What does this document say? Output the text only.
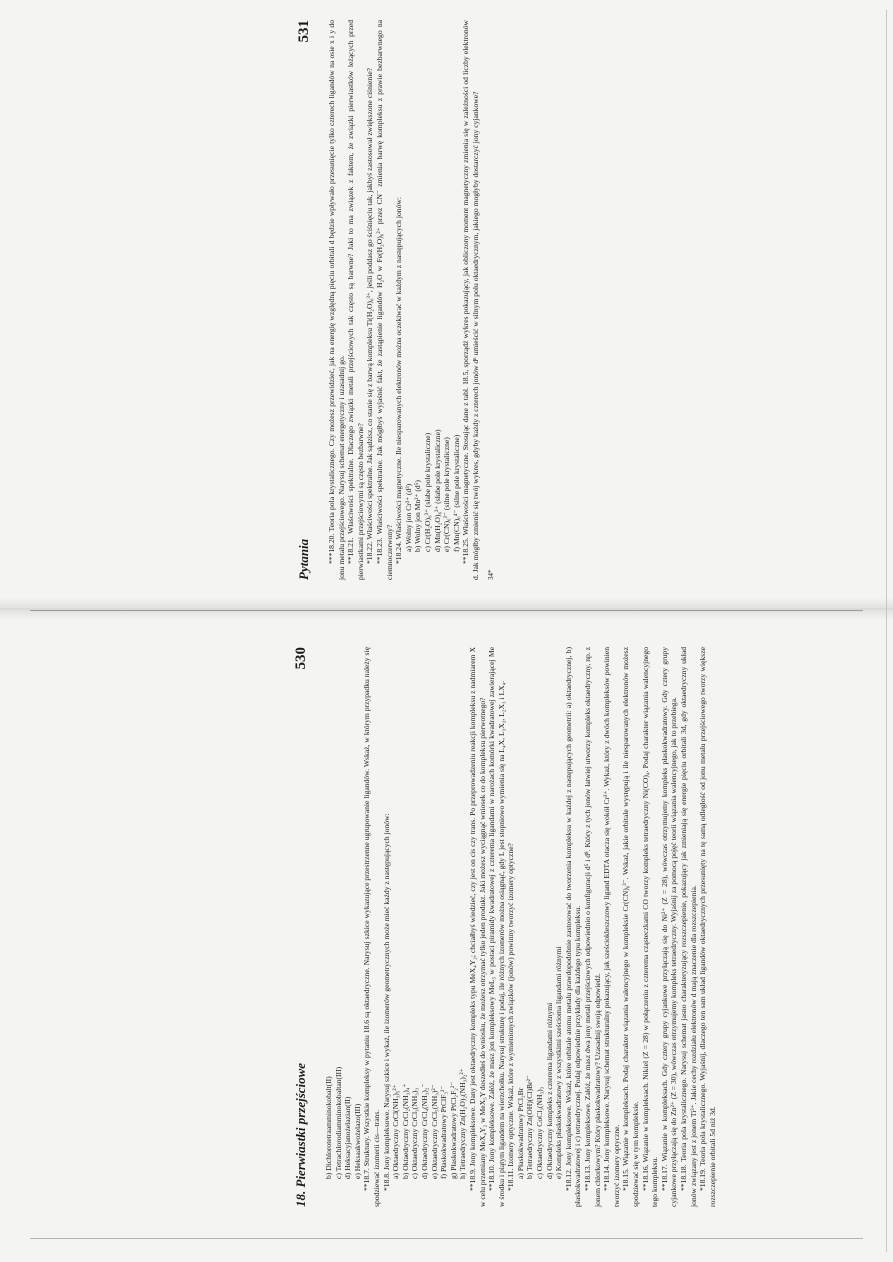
Pytania
531 ***18.20. Teoria pola krystalicznego. Czy możesz przewidzieć, jak na energię względną pięciu orbitali d będzie wpływało przesunięcie tylko czterech ligandów na osie x i y do jonu metalu przejściowego. Narysuj schemat energetyczny i uzasadnij go. **18.21. Właściwości spektralne. Dlaczego związki metali przejściowych tak często są barwne? Jaki to ma związek z faktem, że związki pierwiastków leżących przed pierwiastkami przejściowymi są często bezbarwne? *18.22. Właściwości spektralne. Jak sądzisz, co stanie się z barwą kompleksu Ti(H₂O)₆³⁺, jeśli poddasz go ściśnięciu tak, jakbyś zastosował zwiększone ciśnienie? **18.23. Właściwości spektralne. Jak mógłbyś wyjaśnić fakt, że zastąpienie ligandów H₂O w Fe(H₂O)₆²⁺ przez CN⁻ zmienia barwę kompleksu z prawie bezbarwnego na ciemnoczerwony? *18.24. Właściwości magnetyczne. Ile niesparowanych elektronów można oczekiwać w każdym z następujących jonów: a) Wolny jon Cr³⁺ (d³) b) Wolny jon Mn²⁺ (d⁵) c) Cr(H₂O)₆³⁺ (słabe pole krystaliczne) d) Mn(H₂O)₆²⁺ (słabe pole krystaliczne) e) Cr(CN)₆³⁻ (silne pole krystaliczne) f) Mn(CN)₆⁴⁻ (silne pole krystaliczne) **18.25. Właściwości magnetyczne. Stosując dane z tabl. 18.5, sporządź wykres pokazujący, jak obliczony moment magnetyczny zmienia się w zależności od liczby elektronów d. Jak mógłby zmienić się twój wykres, gdyby każdy z czterech jonów dⁿ umieścić w silnym polu oktaedrycznym, jakiego mogłyby dostarczyć jony cyjankowe? 34*
18. Pierwiastki przejściowe
530
b) Dichlorotetraamminokobalt(II) c) Tetrachlorodiamminokobaltan(III) d) Heksacyjanożelazian(II) e) Heksaakwożelazo(III) **18.7. Struktury. Wszystkie kompleksy w pytaniu 18.6 są oktaedryczne. Narysuj szkice wykazujące przestrzenne ugrupowanie ligandów. Wskaż, w którym przypadku należy się spodziewać izomerii cis—trans. *18.8. Jony kompleksowe. Narysuj szkice i wykaż, ile izomerów geometrycznych może mieć każdy z następujących jonów: a) Oktaedryczny CrCl(NH₃)₅²⁺ b) Oktaedryczny CrCl₂(NH₃)₄⁺ c) Oktaedryczny CrCl₃(NH₃)₃ d) Oktaedryczny CrCl₄(NH₃)₂⁻ e) Oktaedryczny CrCl₅(NH₃)²⁻ f) Płaskokwadratowy PtClF₃²⁻ g) Płaskokwadratowy PtCl₂F₂²⁻ h) Tetraedryczny Zn(H₂O)₂(NH₃)₂²⁺ **18.9. Jony kompleksowe. Dany jest oktaedryczny kompleks typu MeX₄Y₂; chciałbyś wiedzieć, czy jest on cis czy trans. Po przeprowadzeniu reakcji kompleksu z nadmiarem X w celu przemiany MeX₄Y₂ w MeX₅Y doszedłeś do wniosku, że możesz otrzymać tylko jeden produkt. Jaki możesz wyciągnąć wniosek co do kompleksu pierwotnego? **18.10. Jony kompleksowe. Załóż, że masz jon kompleksowy MeL₅ w postaci piramidy kwadratowej z czterema ligandami w narożach komórki kwadratowej zawierającej Me w środku i piątym ligandem na wierzchołku. Narysuj strukturę i podaj, ile różnych izomerów można osiągnąć, gdy L jest stopniowo wymienia się na L₄X, L₃X₂, L₂X₃ i LX₄. *18.11. Izomery optyczne. Wskaż, które z wymienionych związków (jonów) powinny tworzyć izomery optyczne? a) Płaskokwadratowy PtCl₂Br b) Tetraedryczny Zn(OH)(Cl)Br²⁻ c) Oktaedryczny CoCl₃(NH₃)₃ d) Oktaedryczny kompleks z czterema ligandami różnymi e) Kompleks płaskokwadratowy z wszystkimi sześcioma ligandami różnymi *18.12. Jony kompleksowe. Wskaż, które orbitale atomu metalu prawdopodobnie zastosować do tworzenia kompleksu w każdej z następujących geometrii: a) oktaedrycznej, b) płaskokwadratowej i c) tetraedrycznej. Podaj odpowiednie przykłady dla każdego typu kompleksu. **18.13. Jony kompleksowe. Załóż, że masz dwa jony metali przejściowych odpowiednio o konfiguracji d⁵ i d⁸. Który z tych jonów łatwiej utworzy kompleks oktaedryczny, np. z jonem chlorkowym? Który płaskokwadratowy? Uzasadnij swoją odpowiedź. **18.14. Jony kompleksowe. Narysuj schemat strukturalny pokazujący, jak sześciokleszczowy ligand EDTA otacza się wokół Cr³⁺. Wykaż, który z dwóch kompleksów powinien tworzyć izomery optyczne. *18.15. Wiązanie w kompleksach. Podaj charakter wiązania walencyjnego w kompleksie Cr(CN)₆³⁻. Wskaż, jakie orbitale występują i ile niesparowanych elektronów możesz spodziewać się w tym kompleksie. **18.16. Wiązanie w kompleksach. Nikiel (Z = 28) w połączeniu z czterema cząsteczkami CO tworzy kompleks tetraedryczny Ni(CO)₄. Podaj charakter wiązania walencyjnego tego kompleksu. **18.17. Wiązanie w kompleksach. Gdy cztery grupy cyjankowe przyłączają się do Ni²⁺ (Z = 28), wówczas otrzymujemy kompleks płaskokwadratowy. Gdy cztery grupy cyjankowe przyłączają się do Zn²⁺ (Z = 30), wówczas otrzymujemy kompleks tetraedryczny. Wyjaśnij za pomocą pojęć teorii wiązania walencyjnego, jak to przebiega. **18.18. Teoria pola krystalicznego. Narysuj schemat jasno charakteryzujący rozszczepienie, pokazujący jak zmieniają się energie pięciu orbitali 3d, gdy oktaedryczny układ jonów związany jest z jonem Ti³⁺. Jakie cechy rozdziału elektronów d mają znaczenie dla rozszczepienia. *18.19. Teoria pola krystalicznego. Wyjaśnij, dlaczego ten sam układ ligandów oktaedrycznych przesunięty na tę samą odległość od jonu metalu przejściowego tworzy większe rozszczepienie orbitali 5d niż 3d.
